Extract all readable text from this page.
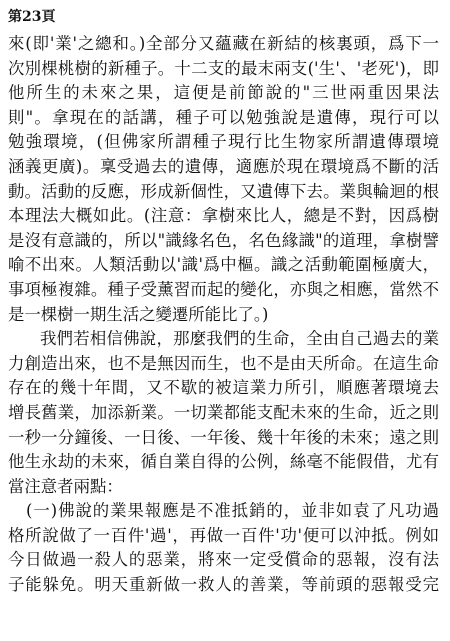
第23頁
來(即'業'之總和。)全部分又蘊藏在新結的核裏頭，爲下一
次別棵桃樹的新種子。十二支的最末兩支('生'、'老死')，即
他所生的未來之果，這便是前節說的"三世兩重因果法
則"。拿現在的話講，種子可以勉強說是遺傳，現行可以
勉強環境，(但佛家所謂種子現行比生物家所謂遺傳環境
涵義更廣)。稟受過去的遺傳，適應於現在環境爲不斷的活
動。活動的反應，形成新個性，又遺傳下去。業與輪迴的根
本理法大概如此。(注意：拿樹來比人，總是不對，因爲樹
是沒有意識的，所以"識緣名色，名色緣識"的道理，拿樹譬
喻不出來。人類活動以'識'爲中樞。識之活動範圍極廣大，
事項極複雜。種子受薰習而起的變化，亦與之相應，當然不
是一棵樹一期生活之變遷所能比了。)
我們若相信佛說，那麼我們的生命，全由自己過去的業
力創造出來，也不是無因而生，也不是由天所命。在這生命
存在的幾十年間，又不歇的被這業力所引，順應著環境去
增長舊業，加添新業。一切業都能支配未來的生命，近之則
一秒一分鐘後、一日後、一年後、幾十年後的未來；遠之則
他生永劫的未來，循自業自得的公例，絲毫不能假借，尤有
當注意者兩點：
(一)佛說的業果報應是不准抵銷的，並非如袁了凡功過
格所說做了一百件'過'，再做一百件'功'便可以沖抵。例如
今日做過一殺人的惡業，將來一定受償命的惡報，沒有法
子能躲免。明天重新做一救人的善業，等前頭的惡報受完
